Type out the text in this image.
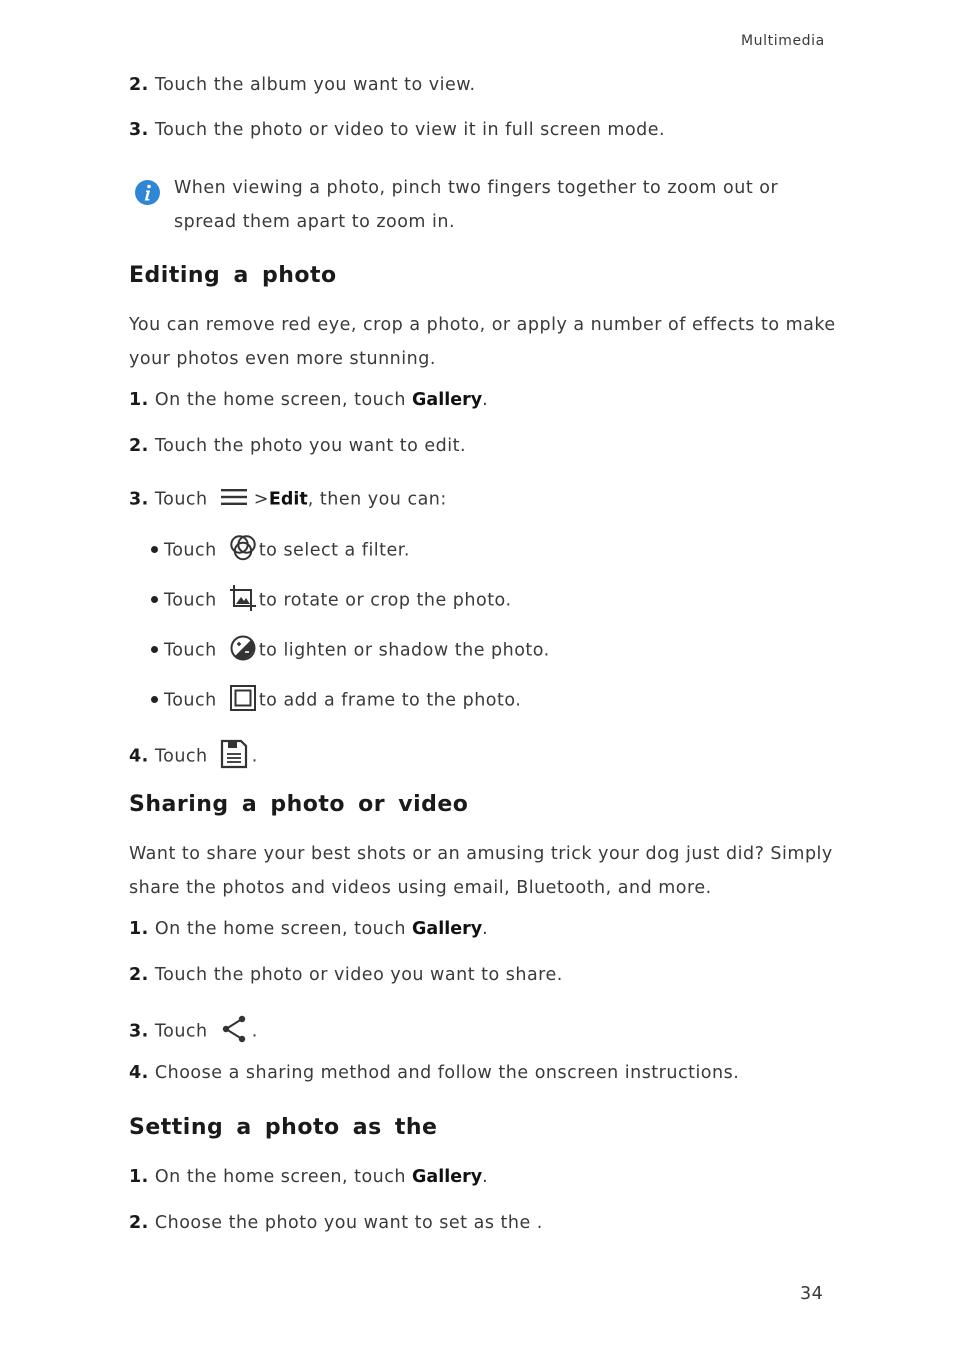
Multimedia
2. Touch the album you want to view.
3. Touch the photo or video to view it in full screen mode.
When viewing a photo, pinch two fingers together to zoom out or
spread them apart to zoom in.
Editing a photo
You can remove red eye, crop a photo, or apply a number of effects to make
your photos even more stunning.
1. On the home screen, touch Gallery.
2. Touch the photo you want to edit.
3. Touch	>Edit, then you can:
Touch to select a filter.
Touch to rotate or crop the photo.
Touch to lighten or shadow the photo.
Touch to add a frame to the photo.
4. Touch	.
Sharing a photo or video
Want to share your best shots or an amusing trick your dog just did? Simply
share the photos and videos using email, Bluetooth, and more.
1. On the home screen, touch Gallery.
2. Touch the photo or video you want to share.
3. Touch	.
4. Choose a sharing method and follow the onscreen instructions.
Setting a photo as the
1. On the home screen, touch Gallery.
2. Choose the photo you want to set as the .
34
